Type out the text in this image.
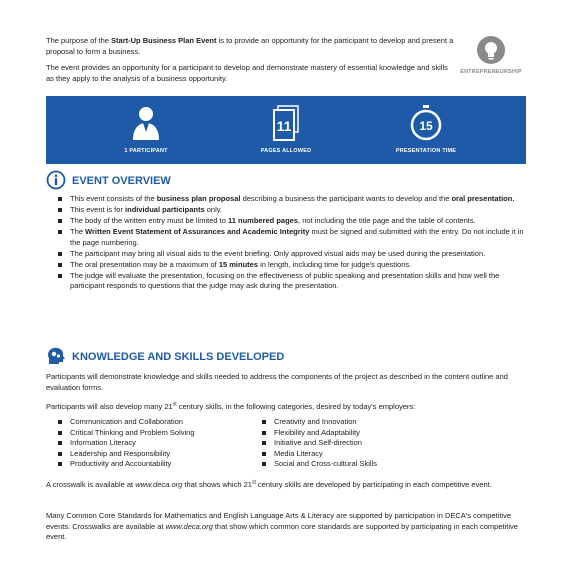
The purpose of the Start-Up Business Plan Event is to provide an opportunity for the participant to develop and present a proposal to form a business.

The event provides an opportunity for a participant to develop and demonstrate mastery of essential knowledge and skills as they apply to the analysis of a business opportunity.

ENTREPRENEURSHIP
1 PARTICIPANT
11
PAGES ALLOWED
15
PRESENTATION TIME
EVENT OVERVIEW
This event consists of the business plan proposal describing a business the participant wants to develop and the oral presentation.
This event is for individual participants only.
The body of the written entry must be limited to 11 numbered pages, not including the title page and the table of contents.
The Written Event Statement of Assurances and Academic Integrity must be signed and submitted with the entry. Do not include it in the page numbering.
The participant may bring all visual aids to the event briefing. Only approved visual aids may be used during the presentation.
The oral presentation may be a maximum of 15 minutes in length, including time for judge's questions.
The judge will evaluate the presentation, focusing on the effectiveness of public speaking and presentation skills and how well the participant responds to questions that the judge may ask during the presentation.
KNOWLEDGE AND SKILLS DEVELOPED

Participants will demonstrate knowledge and skills needed to address the components of the project as described in the content outline and evaluation forms.

Participants will also develop many 21st century skills, in the following categories, desired by today's employers:

Communication and Collaboration
Critical Thinking and Problem Solving
Information Literacy
Leadership and Responsibility
Productivity and Accountability
Creativity and Innovation
Flexibility and Adaptability
Initiative and Self-direction
Media Literacy
Social and Cross-cultural Skills

A crosswalk is available at www.deca.org that shows which 21st century skills are developed by participating in each competitive event.

Many Common Core Standards for Mathematics and English Language Arts & Literacy are supported by participation in DECA's competitive events. Crosswalks are available at www.deca.org that show which common core standards are supported by participating in each competitive event.
